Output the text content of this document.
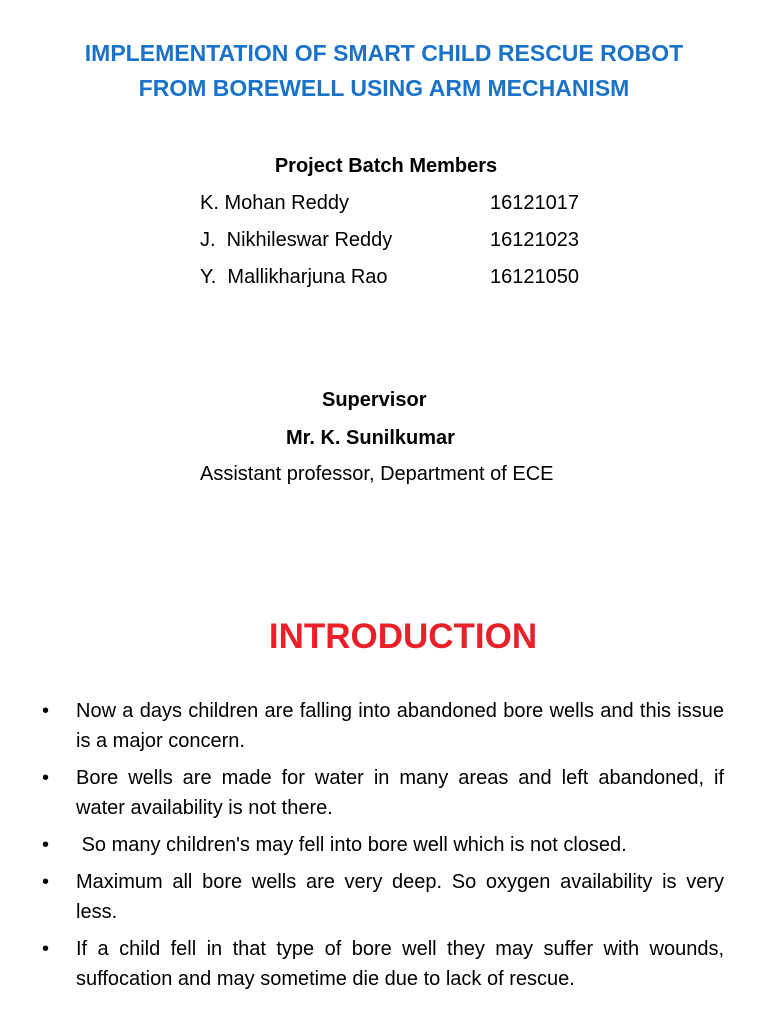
IMPLEMENTATION OF SMART CHILD RESCUE ROBOT
FROM BOREWELL USING ARM MECHANISM
Project Batch Members
K. Mohan Reddy	16121017
J.  Nikhileswar Reddy	16121023
Y.  Mallikharjuna Rao	16121050
Supervisor
Mr. K. Sunilkumar
Assistant professor, Department of ECE
INTRODUCTION
•	Now a days children are falling into abandoned bore wells and this issue is a major concern.
•	Bore wells are made for water in many areas and left abandoned, if water availability is not there.
•	So many children's may fell into bore well which is not closed.
•	Maximum all bore wells are very deep. So oxygen availability is very less.
•	If a child fell in that type of bore well they may suffer with wounds, suffocation and may sometime die due to lack of rescue.
